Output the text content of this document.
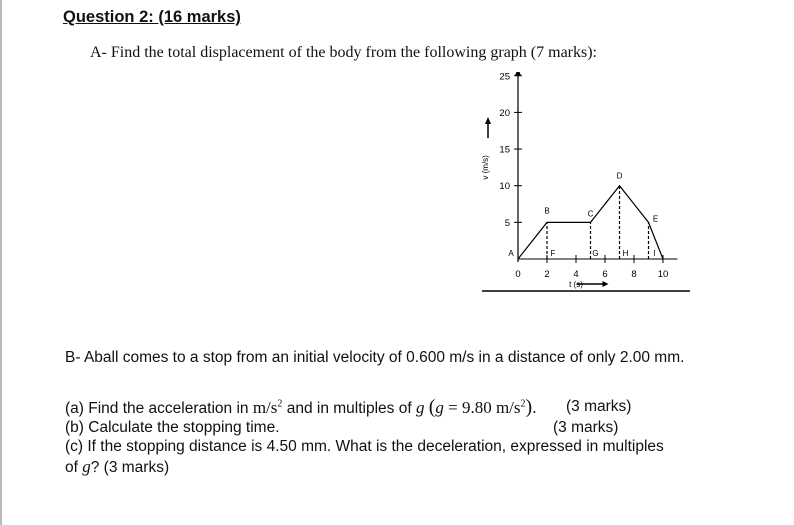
Question 2: (16 marks)
A- Find the total displacement of the body from the following graph (7 marks):
5
10
15
20
25
0 2 4 6 8 10
t (s)
v (m/s)
A
B	C
D
E
F	G	H	I
B- Aball comes to a stop from an initial velocity of 0.600 m/s in a distance of only 2.00 mm.
(a) Find the acceleration in $m/s^2$ and in multiples of g (g = 9.80 $m/s^2$). (3 marks)
(b) Calculate the stopping time.	(3 marks)
(c) If the stopping distance is 4.50 mm. What is the deceleration, expressed in multiples
of g? (3 marks)
